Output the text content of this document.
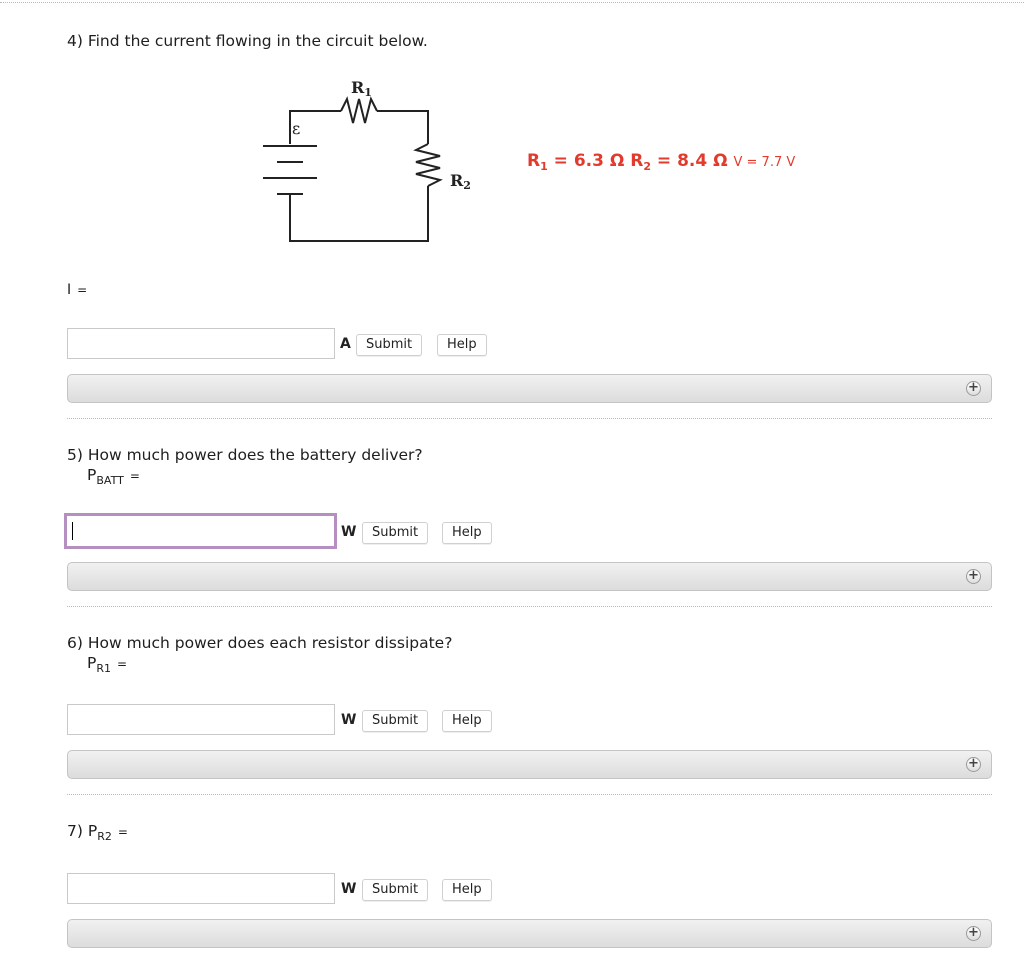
4) Find the current flowing in the circuit below.
R1
R2
ε
$R_1 = 6.3$ Ω $R_2 = 8.4$ Ω V = 7.7 V
I =
A	Submit	Help
+
5) How much power does the battery deliver?
$P_{BATT}$ =
W	Submit	Help
+
6) How much power does each resistor dissipate?
$P_{R1}$ =
W	Submit	Help
+
7) $P_{R2}$ =
W	Submit	Help
+
